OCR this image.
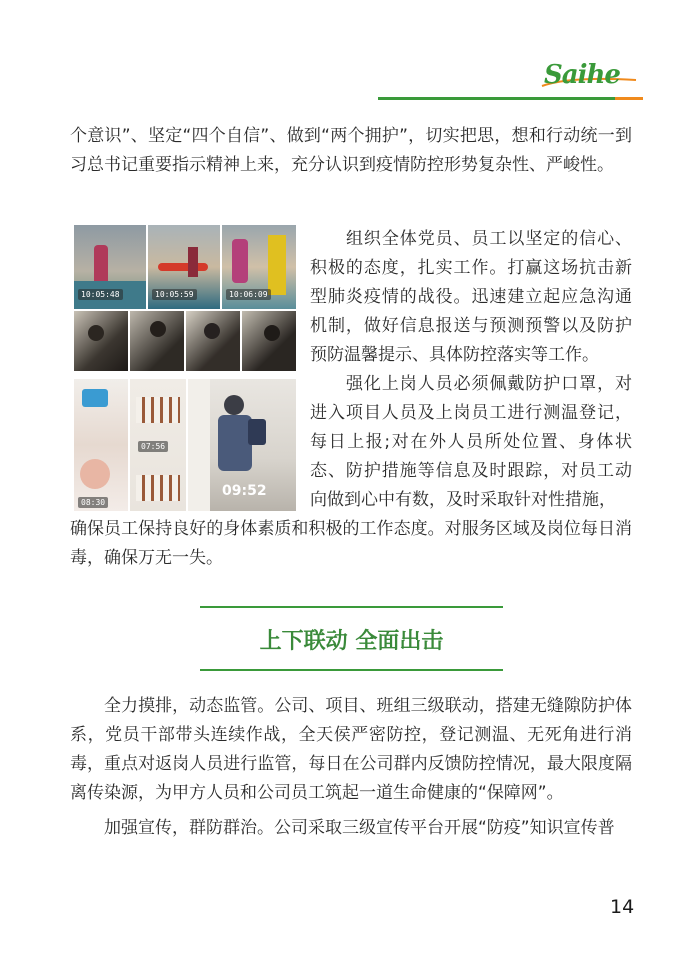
Saihe

个意识”、坚定“四个自信”、做到“两个拥护”，切实把思，想和行动统一到习总书记重要指示精神上来，充分认识到疫情防控形势复杂性、严峻性。

组织全体党员、员工以坚定的信心、积极的态度，扎实工作。打赢这场抗击新型肺炎疫情的战役。迅速建立起应急沟通机制，做好信息报送与预测预警以及防护预防温馨提示、具体防控落实等工作。

强化上岗人员必须佩戴防护口罩，对进入项目人员及上岗员工进行测温登记，每日上报;对在外人员所处位置、身体状态、防护措施等信息及时跟踪，对员工动向做到心中有数，及时采取针对性措施，

确保员工保持良好的身体素质和积极的工作态度。对服务区域及岗位每日消毒，确保万无一失。

10:05:48	10:05:59	10:06:09
08:30
07:56
09:52
上下联动 全面出击

全力摸排，动态监管。公司、项目、班组三级联动，搭建无缝隙防护体系，党员干部带头连续作战，全天侯严密防控，登记测温、无死角进行消毒，重点对返岗人员进行监管，每日在公司群内反馈防控情况，最大限度隔离传染源，为甲方人员和公司员工筑起一道生命健康的“保障网”。

加强宣传，群防群治。公司采取三级宣传平台开展“防疫”知识宣传普

14
